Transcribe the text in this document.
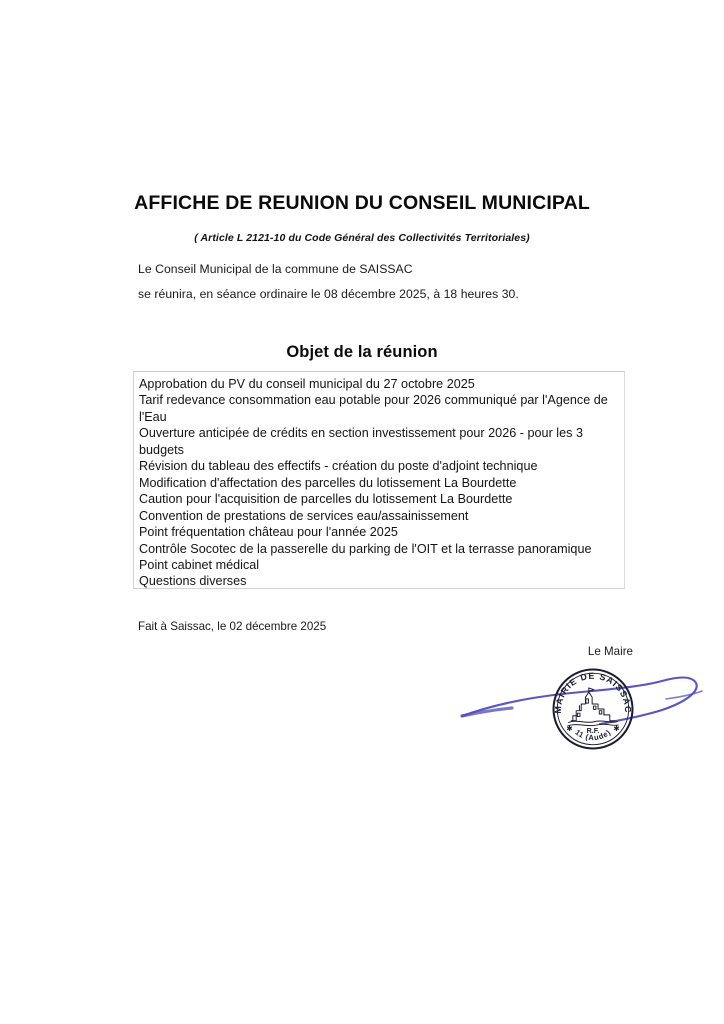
AFFICHE DE REUNION DU CONSEIL MUNICIPAL
( Article L 2121-10 du Code Général des Collectivités Territoriales)
Le Conseil Municipal de la commune de SAISSAC
se réunira, en séance ordinaire le 08 décembre 2025, à 18 heures 30.
Objet de la réunion
Approbation du PV du conseil municipal du 27 octobre 2025
Tarif redevance consommation eau potable pour 2026 communiqué par l'Agence de l'Eau
Ouverture anticipée de crédits en section investissement pour 2026 - pour les 3 budgets
Révision du tableau des effectifs - création du poste d'adjoint technique
Modification d'affectation des parcelles du lotissement La Bourdette
Caution pour l'acquisition de parcelles du lotissement La Bourdette
Convention de prestations de services eau/assainissement
Point fréquentation château pour l'année 2025
Contrôle Socotec de la passerelle du parking de l'OIT et la terrasse panoramique
Point cabinet médical
Questions diverses
Fait à Saissac, le 02 décembre 2025
Le Maire
MAIRIE DE SAISSAC
11 (Aude)
R.F.
✱	✱
